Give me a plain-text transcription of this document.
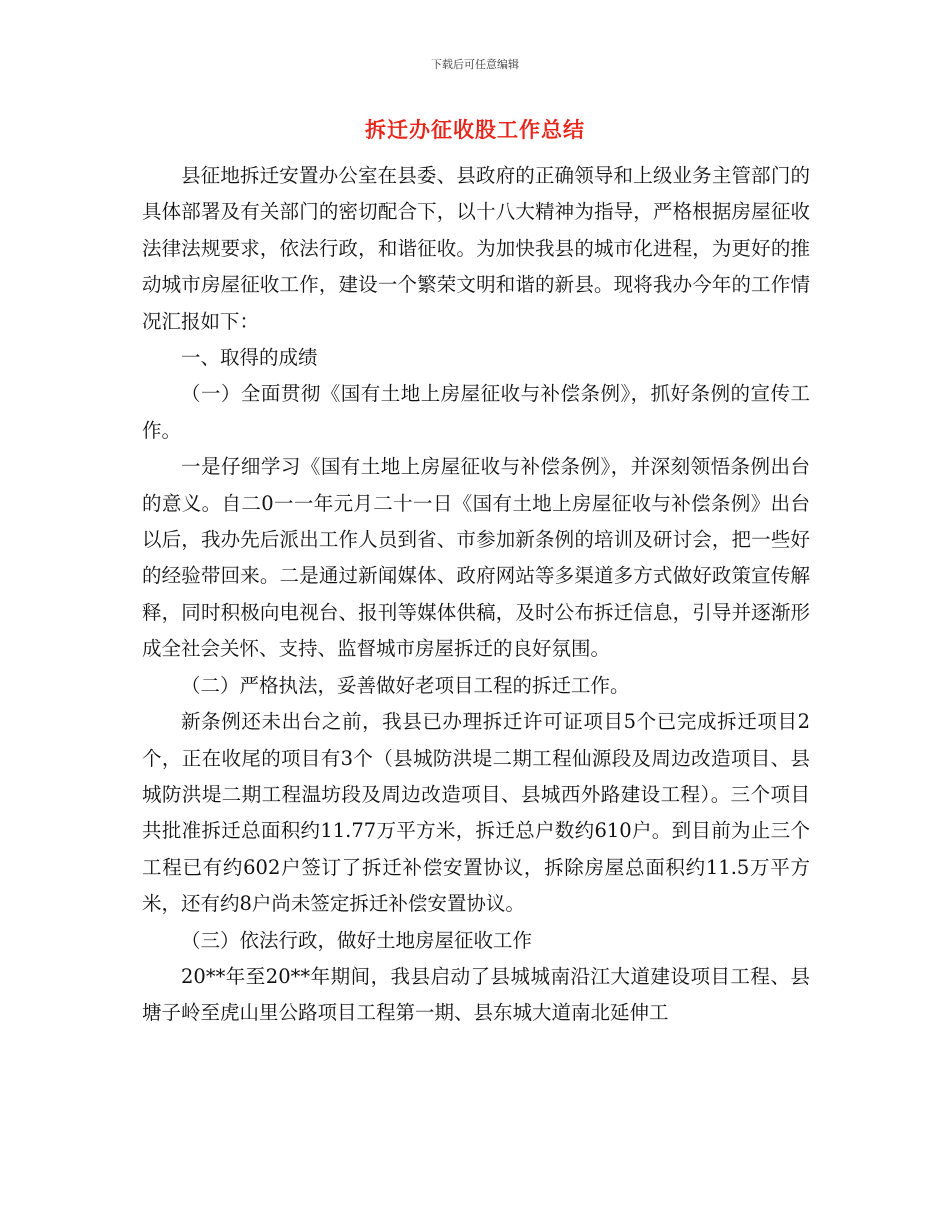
下载后可任意编辑
拆迁办征收股工作总结

县征地拆迁安置办公室在县委、县政府的正确领导和上级业务主管部门的具体部署及有关部门的密切配合下，以十八大精神为指导，严格根据房屋征收法律法规要求，依法行政，和谐征收。为加快我县的城市化进程，为更好的推动城市房屋征收工作，建设一个繁荣文明和谐的新县。现将我办今年的工作情况汇报如下：

一、取得的成绩

（一）全面贯彻《国有土地上房屋征收与补偿条例》，抓好条例的宣传工作。

一是仔细学习《国有土地上房屋征收与补偿条例》，并深刻领悟条例出台的意义。自二0一一年元月二十一日《国有土地上房屋征收与补偿条例》出台以后，我办先后派出工作人员到省、市参加新条例的培训及研讨会，把一些好的经验带回来。二是通过新闻媒体、政府网站等多渠道多方式做好政策宣传解释，同时积极向电视台、报刊等媒体供稿，及时公布拆迁信息，引导并逐渐形成全社会关怀、支持、监督城市房屋拆迁的良好氛围。

（二）严格执法，妥善做好老项目工程的拆迁工作。

新条例还未出台之前，我县已办理拆迁许可证项目5个已完成拆迁项目2个，正在收尾的项目有3个（县城防洪堤二期工程仙源段及周边改造项目、县城防洪堤二期工程温坊段及周边改造项目、县城西外路建设工程）。三个项目共批准拆迁总面积约11.77万平方米，拆迁总户数约610户。到目前为止三个工程已有约602户签订了拆迁补偿安置协议，拆除房屋总面积约11.5万平方米，还有约8户尚未签定拆迁补偿安置协议。

（三）依法行政，做好土地房屋征收工作

20**年至20**年期间，我县启动了县城城南沿江大道建设项目工程、县塘子岭至虎山里公路项目工程第一期、县东城大道南北延伸工
